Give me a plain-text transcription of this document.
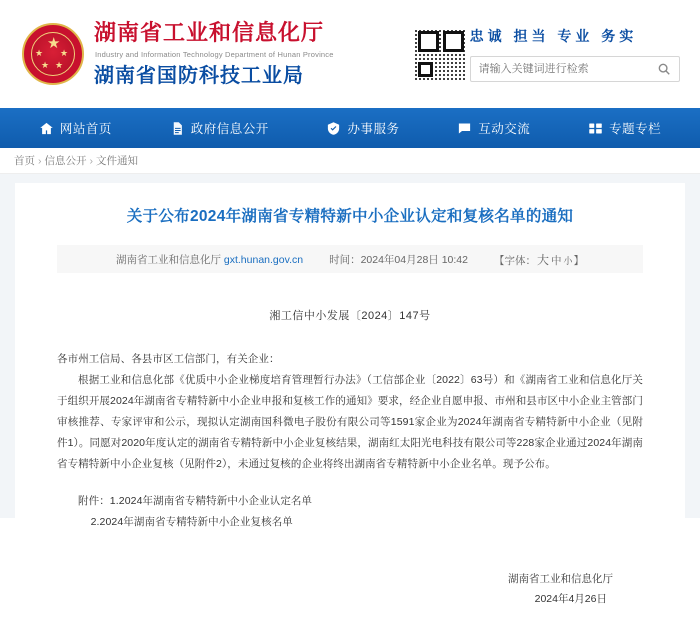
★
★ ★
★ ★
湖南省工业和信息化厅
Industry and Information Technology Department of Hunan Province
湖南省国防科技工业局
忠诚 担当 专业 务实
请输入关键词进行检索
网站首页	政府信息公开	办事服务	互动交流	专题专栏
首页 › 信息公开 › 文件通知
关于公布2024年湖南省专精特新中小企业认定和复核名单的通知
湖南省工业和信息化厅 gxt.hunan.gov.cn 时间：2024年04月28日 10:42 【字体：大 中 小】
湘工信中小发展〔2024〕147号

各市州工信局、各县市区工信部门，有关企业：

根据工业和信息化部《优质中小企业梯度培育管理暂行办法》（工信部企业〔2022〕63号）和《湖南省工业和信息化厅关于组织开展2024年湖南省专精特新中小企业申报和复核工作的通知》要求，经企业自愿申报、市州和县市区中小企业主管部门审核推荐、专家评审和公示，现拟认定湖南国科微电子股份有限公司等1591家企业为2024年湖南省专精特新中小企业（见附件1）。同愿对2020年度认定的湖南省专精特新中小企业复核结果，湖南红太阳光电科技有限公司等228家企业通过2024年湖南省专精特新中小企业复核（见附件2），未通过复核的企业将终出湖南省专精特新中小企业名单。现予公布。

附件：1.2024年湖南省专精特新中小企业认定名单

2.2024年湖南省专精特新中小企业复核名单

湖南省工业和信息化厅
2024年4月26日
